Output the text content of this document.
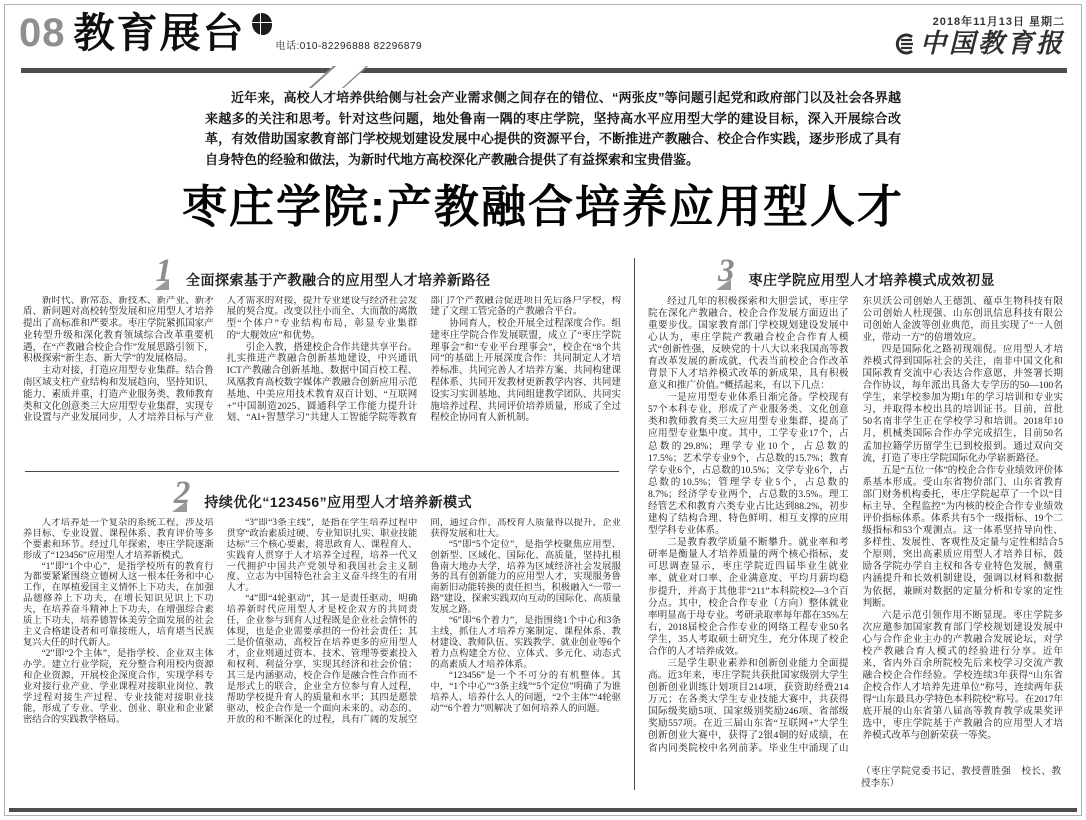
08 教育展台	电话:010-82296888 82296879
2018年11月13日 星期二
中国教育报

近年来，高校人才培养供给侧与社会产业需求侧之间存在的错位、“两张皮”等问题引起党和政府部门以及社会各界越来越多的关注和思考。针对这些问题，地处鲁南一隅的枣庄学院，坚持高水平应用型大学的建设目标，深入开展综合改革，有效借助国家教育部门学校规划建设发展中心提供的资源平台，不断推进产教融合、校企合作实践，逐步形成了具有自身特色的经验和做法，为新时代地方高校深化产教融合提供了有益探索和宝贵借鉴。

枣庄学院:产教融合培养应用型人才
1	全面探索基于产教融合的应用型人才培养新路径

新时代、新常态、新技术、新产业、新矛盾、新问题对高校转型发展和应用型人才培养提出了高标准和严要求。枣庄学院紧抓国家产业转型升级和深化教育领域综合改革重要机遇，在“产教融合校企合作”发展思路引领下，积极探索“新生态、新大学”的发展格局。

主动对接，打造应用型专业集群。结合鲁南区域支柱产业结构和发展趋向，坚持知识、能力、素质并重，打造产业服务类、教师教育类和文化创意类三大应用型专业集群，实现专业设置与产业发展同步，人才培养目标与产业人才需求的对接，提升专业建设与经济社会发展的契合度。改变以往小而全、大而散的离散型“个体户”专业结构布局，彰显专业集群的“大舰效应”和优势。

引企入教，搭建校企合作共建共享平台。扎实推进产教融合创新基地建设，中兴通讯ICT产教融合创新基地、数据中国百校工程、凤凰教育高校数字媒体产教融合创新应用示范基地、中美应用技术教育双百计划、“互联网+”中国制造2025、圆通科学工作能力提升计划、“AI+智慧学习”共建人工智能学院等教育部门7个产教融合促进项目先后落户学校，构建了文理工管完备的产教融合平台。

协同育人，校企开展全过程深度合作。组建枣庄学院合作发展联盟，成立了“枣庄学院理事会”和“专业平台理事会”，校企在“8个共同”的基础上开展深度合作：共同制定人才培养标准、共同完善人才培养方案、共同构建课程体系、共同开发教材更新教学内容、共同建设实习实训基地、共同组建教学团队、共同实施培养过程、共同评价培养质量，形成了全过程校企协同育人新机制。

2	持续优化“123456”应用型人才培养新模式

人才培养是一个复杂的系统工程，涉及培养目标、专业设置、课程体系、教育评价等多个要素和环节。经过几年探索，枣庄学院逐渐形成了“123456”应用型人才培养新模式。

“1”即“1个中心”，是指学校所有的教育行为都要紧紧围绕立德树人这一根本任务和中心工作，在厚植爱国主义情怀上下功夫，在加强品德修养上下功夫，在增长知识见识上下功夫，在培养奋斗精神上下功夫，在增强综合素质上下功夫，培养德智体美劳全面发展的社会主义合格建设者和可靠接班人，培育堪当民族复兴大任的时代新人。

“2”即“2个主体”，是指学校、企业双主体办学。建立行业学院，充分整合利用校内资源和企业资源，开展校企深度合作，实现学科专业对接行业产业、学业课程对接职业岗位、教学过程对接生产过程、专业技能对接职业技能，形成了专业、学业、创业、职业和企业紧密结合的实践教学格局。

“3”即“3条主线”，是指在学生培养过程中贯穿“政治素质过硬、专业知识扎实、职业技能达标”三个核心要素，将思政育人、课程育人、实践育人贯穿于人才培养全过程，培养一代又一代拥护中国共产党领导和我国社会主义制度、立志为中国特色社会主义奋斗终生的有用人才。

“4”即“4轮驱动”，其一是责任驱动，明确培养新时代应用型人才是校企双方的共同责任，企业参与到育人过程既是企业社会情怀的体现，也是企业需要承担的一份社会责任；其二是价值驱动，高校旨在培养更多的应用型人才，企业则通过资本、技术、管理等要素投入和权利、利益分享，实现其经济和社会价值；其三是内涵驱动，校企合作是融合性合作而不是形式上的联合，企业全方位参与育人过程，帮助学校提升育人的质量和水平；其四是愿景驱动，校企合作是一个面向未来的、动态的、开放的和不断深化的过程，具有广阔的发展空间，通过合作，高校育人质量得以提升，企业获得发展和壮大。

“5”即“5个定位”，是指学校聚焦应用型、创新型、区域化、国际化、高质量，坚持扎根鲁南大地办大学，培养为区域经济社会发展服务的具有创新能力的应用型人才，实现服务鲁南新旧动能转换的责任担当，积极融入“一带一路”建设，探索实践双向互动的国际化、高质量发展之路。

“6”即“6个着力”，是指围绕1个中心和3条主线，抓住人才培养方案制定、课程体系、教材建设、教师队伍、实践教学、就业创业等6个着力点构建全方位、立体式、多元化、动态式的高素质人才培养体系。

“123456”是一个不可分的有机整体。其中，“1个中心”“3条主线”“5个定位”明确了为谁培养人、培养什么人的问题，“2个主体”“4轮驱动”“6个着力”则解决了如何培养人的问题。

3	枣庄学院应用型人才培养模式成效初显

经过几年的积极探索和大胆尝试，枣庄学院在深化产教融合、校企合作发展方面迈出了重要步伐。国家教育部门学校规划建设发展中心认为，枣庄学院产教融合校企合作育人模式“创新性强，反映党的十八大以来我国高等教育改革发展的新成就，代表当前校企合作改革背景下人才培养模式改革的新成果，具有积极意义和推广价值。”概括起来，有以下几点：

一是应用型专业体系日渐完备。学校现有57个本科专业，形成了产业服务类、文化创意类和教师教育类三大应用型专业集群，提高了应用型专业集中度。其中，工学专业17个，占总数的29.8%；理学专业10个，占总数的17.5%；艺术学专业9个，占总数的15.7%；教育学专业6个，占总数的10.5%；文学专业6个，占总数的10.5%；管理学专业5个，占总数的8.7%；经济学专业两个，占总数的3.5%。理工经管艺术和教育六类专业占比达到88.2%，初步建构了结构合理、特色鲜明、相互支撑的应用型学科专业体系。

二是教育教学质量不断攀升。就业率和考研率是衡量人才培养质量的两个核心指标，麦可思调查显示，枣庄学院近四届毕业生就业率、就业对口率、企业满意度、平均月薪均稳步提升，并高于其他非“211”本科院校2—3个百分点。其中，校企合作专业（方向）整体就业率明显高于母专业。考研录取率每年都在35%左右，2018届校企合作专业的网络工程专业50名学生，35人考取硕士研究生，充分体现了校企合作的人才培养成效。

三是学生职业素养和创新创业能力全面提高。近3年来，枣庄学院共获批国家级别大学生创新创业训练计划项目214项，获资助经费214万元；在各类大学生专业技能大赛中，共获得国际级奖励5项、国家级别奖励246项、省部级奖励557项。在近三届山东省“互联网+”大学生创新创业大赛中，获得了2银4铜的好成绩，在省内同类院校中名列前茅。毕业生中涌现了山东贝沃公司创始人王德凯、蕴卓生物科技有限公司创始人杜现强、山东创讯信息科技有限公司创始人金波等创业典范，而且实现了“一人创业，带动一方”的倍增效应。

四是国际化之路初现端倪。应用型人才培养模式得到国际社会的关注，南非中国文化和国际教育交流中心表达合作意愿，并签署长期合作协议，每年派出具备大专学历的50—100名学生，来学校参加为期1年的学习培训和专业实习，并取得本校出具的培训证书。目前，首批50名南非学生正在学校学习和培训。2018年10月，机械类国际合作办学完成招生，目前50名孟加拉籍学历留学生已到校报到。通过双向交流，打造了枣庄学院国际化办学崭新路径。

五是“五位一体”的校企合作专业绩效评价体系基本形成。受山东省物价部门、山东省教育部门财务机构委托，枣庄学院起草了一个以“目标主导、全程监控”为内核的校企合作专业绩效评价指标体系。体系共有5个一级指标、19个二级指标和53个观测点。这一体系坚持导向性、多样性、发展性、客观性及定量与定性相结合5个原则，突出高素质应用型人才培养目标，鼓励各学院办学自主权和各专业特色发展，侧重内涵提升和长效机制建设，强调以材料和数据为依据，兼顾对数据的定量分析和专家的定性判断。

六是示范引领作用不断显现。枣庄学院多次应邀参加国家教育部门学校规划建设发展中心与合作企业主办的产教融合发展论坛，对学校产教融合育人模式的经验进行分享。近年来，省内外百余所院校先后来校学习交流产教融合校企合作经验。学校连续3年获得“山东省企校合作人才培养先进单位”称号，连续两年获得“山东最具办学特色本科院校”称号。在2017年底开展的山东省第八届高等教育教学成果奖评选中，枣庄学院基于产教融合的应用型人才培养模式改革与创新荣获一等奖。

（枣庄学院党委书记、教授曹胜强　校长、教授李东）
